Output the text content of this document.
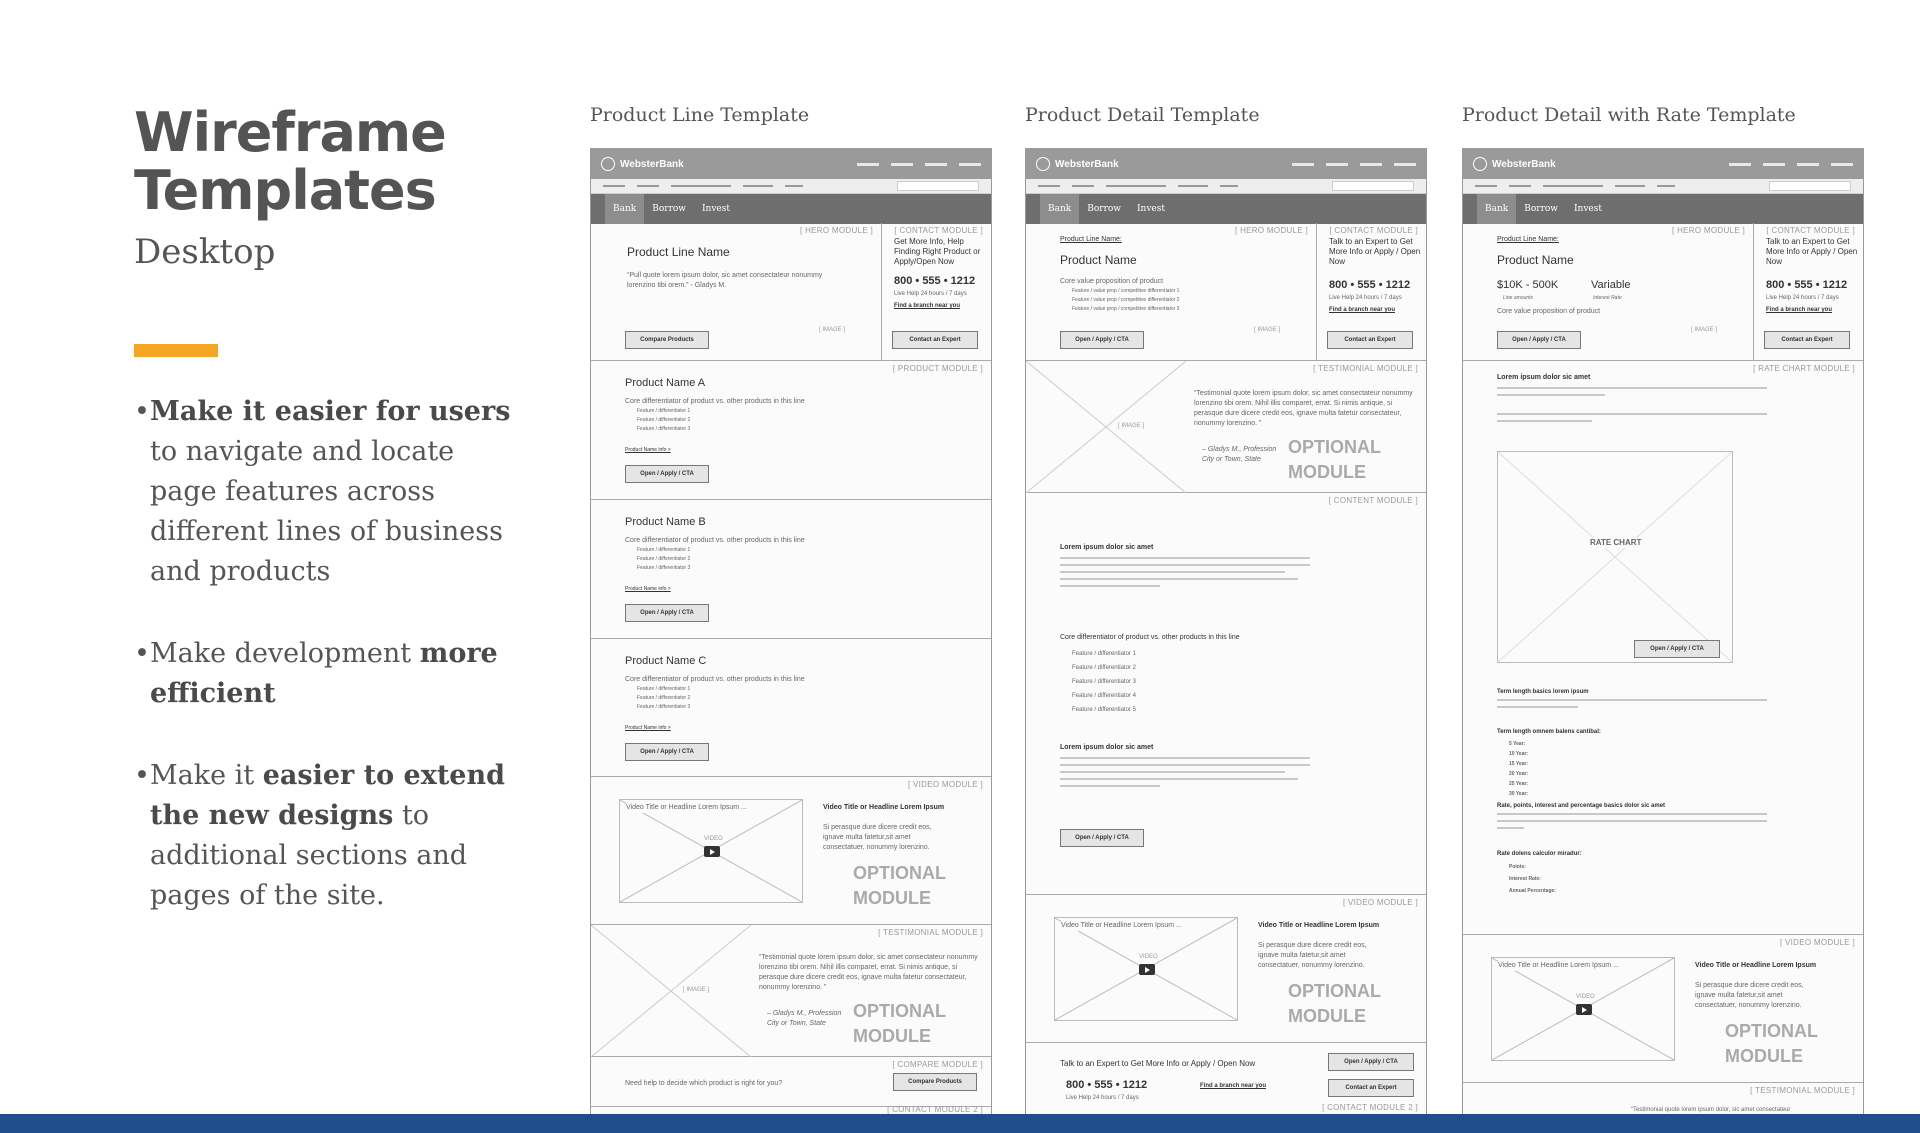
Wireframe
Templates
Desktop
• Make it easier for users to navigate and locate page features across different lines of business and products
• Make development more efficient
• Make it easier to extend the new designs to additional sections and pages of the site.
Product Line Template
WebsterBank
Bank	Borrow	Invest
[ HERO MODULE ]
Product Line Name
“Pull quote lorem ipsum dolor, sic amet consectateur nonummy lorenzino tibi orem.” - Gladys M.
[ IMAGE ]
Compare Products
[ CONTACT MODULE ]
Get More Info, Help Finding Right Product or Apply/Open Now
800 • 555 • 1212
Live Help 24 hours / 7 days
Find a branch near you
Contact an Expert
[ PRODUCT MODULE ]
Product Name A
Core differentiator of product vs. other products in this line
Feature / differentiator 1
Feature / differentiator 2
Feature / differentiator 3
Product Name info >
Open / Apply / CTA
Product Name B
Core differentiator of product vs. other products in this line
Feature / differentiator 1
Feature / differentiator 2
Feature / differentiator 3
Product Name info >
Open / Apply / CTA
Product Name C
Core differentiator of product vs. other products in this line
Feature / differentiator 1
Feature / differentiator 2
Feature / differentiator 3
Product Name info >
Open / Apply / CTA
[ VIDEO MODULE ]
Video Title or Headline Lorem Ipsum ...
VIDEO
Video Title or Headline Lorem Ipsum
Si perasque dure dicere credit eos, ignave multa fatetur,sit amet consectatuer, nonummy lorenzino.
OPTIONAL
MODULE
[ TESTIMONIAL MODULE ]
[ IMAGE ]
“Testimonial quote lorem ipsum dolor, sic amet consectateur nonummy lorenzino tibi orem. Nihil illis comparet, errat. Si nimis antique, si perasque dure dicere credit eos, ignave multa fatetur consectateur, nonummy lorenzino. ”
– Gladys M., Profession
City or Town, State
OPTIONAL
MODULE
[ COMPARE MODULE ]
Need help to decide which product is right for you?	Compare Products
[ CONTACT MODULE 2 ]
Product Detail Template
WebsterBank
Bank	Borrow	Invest
[ HERO MODULE ]
Product Line Name:
Product Name
Core value proposition of product
Feature / value prop / competitive differentiator 1
Feature / value prop / competitive differentiator 2
Feature / value prop / competitive differentiator 3
[ IMAGE ]
Open / Apply / CTA
[ CONTACT MODULE ]
Talk to an Expert to Get More Info or Apply / Open Now
800 • 555 • 1212
Live Help 24 hours / 7 days
Find a branch near you
Contact an Expert
[ TESTIMONIAL MODULE ]
[ IMAGE ]
“Testimonial quote lorem ipsum dolor, sic amet consectateur nonummy lorenzino tibi orem. Nihil illis comparet, errat. Si nimis antique, si perasque dure dicere credit eos, ignave multa fatetur consectateur, nonummy lorenzino. ”
– Gladys M., Profession
City or Town, State
OPTIONAL
MODULE
[ CONTENT MODULE ]
Lorem ipsum dolor sic amet
Core differentiator of product vs. other products in this line
Feature / differentiator 1
Feature / differentiator 2
Feature / differentiator 3
Feature / differentiator 4
Feature / differentiator 5
Lorem ipsum dolor sic amet
Open / Apply / CTA
[ VIDEO MODULE ]
Video Title or Headline Lorem Ipsum ...
VIDEO
Video Title or Headline Lorem Ipsum
Si perasque dure dicere credit eos, ignave multa fatetur,sit amet consectatuer, nonummy lorenzino.
OPTIONAL
MODULE
Talk to an Expert to Get More Info or Apply / Open Now
800 • 555 • 1212
Live Help 24 hours / 7 days
Find a branch near you
Open / Apply / CTA
Contact an Expert
[ CONTACT MODULE 2 ]
Product Detail with Rate Template
WebsterBank
Bank	Borrow	Invest
[ HERO MODULE ]
Product Line Name:
Product Name
$10K - 500K
Line amounts
Variable
Interest Rate
Core value proposition of product
[ IMAGE ]
Open / Apply / CTA
[ CONTACT MODULE ]
Talk to an Expert to Get More Info or Apply / Open Now
800 • 555 • 1212
Live Help 24 hours / 7 days
Find a branch near you
Contact an Expert
[ RATE CHART MODULE ]
Lorem ipsum dolor sic amet
RATE CHART
Open / Apply / CTA
Term length basics lorem ipsum
Term length omnem balens cantibal:
5 Year:
10 Year:
15 Year:
20 Year:
25 Year:
30 Year:
Rate, points, interest and percentage basics dolor sic amet
Rate dolens calculor miradur:
Points:
Interest Rate:
Annual Percentage:
[ VIDEO MODULE ]
Video Title or Headline Lorem Ipsum ...
VIDEO
Video Title or Headline Lorem Ipsum
Si perasque dure dicere credit eos, ignave multa fatetur,sit amet consectatuer, nonummy lorenzino.
OPTIONAL
MODULE
[ TESTIMONIAL MODULE ]
“Testimonial quote lorem ipsum dolor, sic amet consectateur
